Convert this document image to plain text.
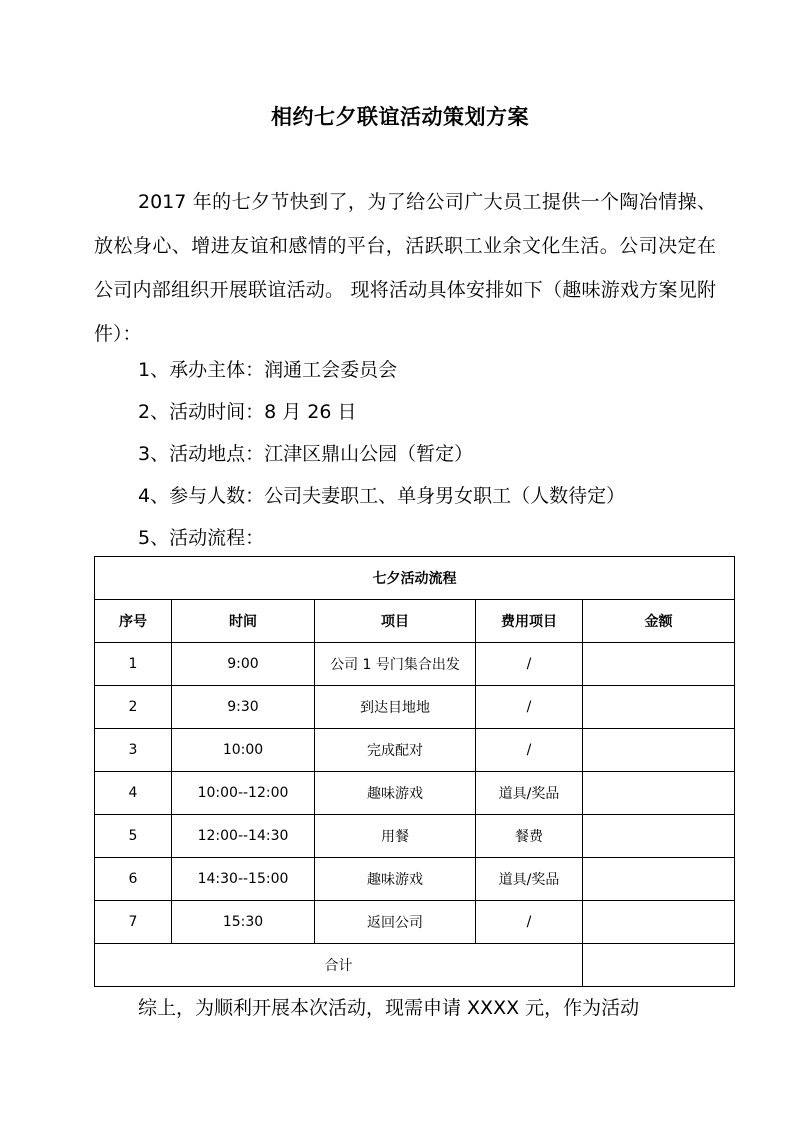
相约七夕联谊活动策划方案
2017 年的七夕节快到了，为了给公司广大员工提供一个陶冶情操、放松身心、增进友谊和感情的平台，活跃职工业余文化生活。公司决定在公司内部组织开展联谊活动。 现将活动具体安排如下（趣味游戏方案见附件）：
1、承办主体：润通工会委员会
2、活动时间：8 月 26 日
3、活动地点：江津区鼎山公园（暂定）
4、参与人数：公司夫妻职工、单身男女职工（人数待定）
5、活动流程：
七夕活动流程				
序号	时间	项目	费用项目	金额
1	9:00	公司 1 号门集合出发	/	
2	9:30	到达目地地	/	
3	10:00	完成配对	/	
4	10:00--12:00	趣味游戏	道具/奖品	
5	12:00--14:30	用餐	餐费	
6	14:30--15:00	趣味游戏	道具/奖品	
7	15:30	返回公司	/	
合计				
综上，为顺利开展本次活动，现需申请 XXXX 元，作为活动
